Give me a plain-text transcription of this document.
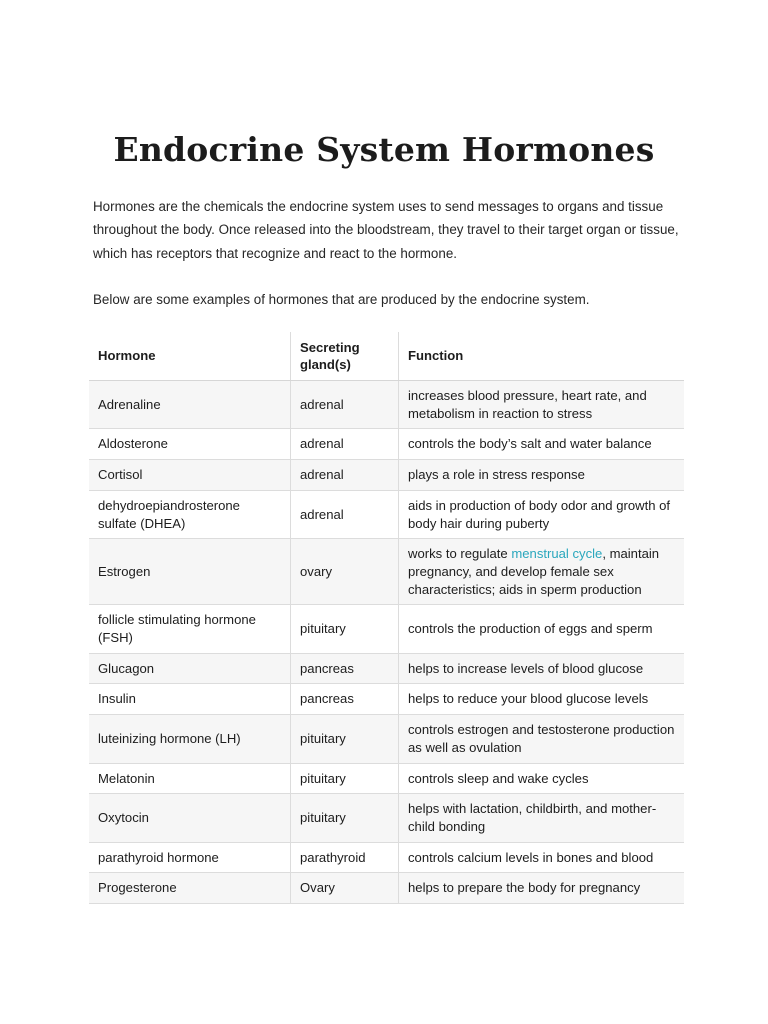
Endocrine System Hormones

Hormones are the chemicals the endocrine system uses to send messages to organs and tissue throughout the body. Once released into the bloodstream, they travel to their target organ or tissue, which has receptors that recognize and react to the hormone.

Below are some examples of hormones that are produced by the endocrine system.

Hormone	Secreting gland(s)	Function
Adrenaline	adrenal	increases blood pressure, heart rate, and metabolism in reaction to stress
Aldosterone	adrenal	controls the body’s salt and water balance
Cortisol	adrenal	plays a role in stress response
dehydroepiandrosterone sulfate (DHEA)	adrenal	aids in production of body odor and growth of body hair during puberty
Estrogen	ovary	works to regulate menstrual cycle, maintain pregnancy, and develop female sex characteristics; aids in sperm production
follicle stimulating hormone (FSH)	pituitary	controls the production of eggs and sperm
Glucagon	pancreas	helps to increase levels of blood glucose
Insulin	pancreas	helps to reduce your blood glucose levels
luteinizing hormone (LH)	pituitary	controls estrogen and testosterone production as well as ovulation
Melatonin	pituitary	controls sleep and wake cycles
Oxytocin	pituitary	helps with lactation, childbirth, and mother-child bonding
parathyroid hormone	parathyroid	controls calcium levels in bones and blood
Progesterone	Ovary	helps to prepare the body for pregnancy
